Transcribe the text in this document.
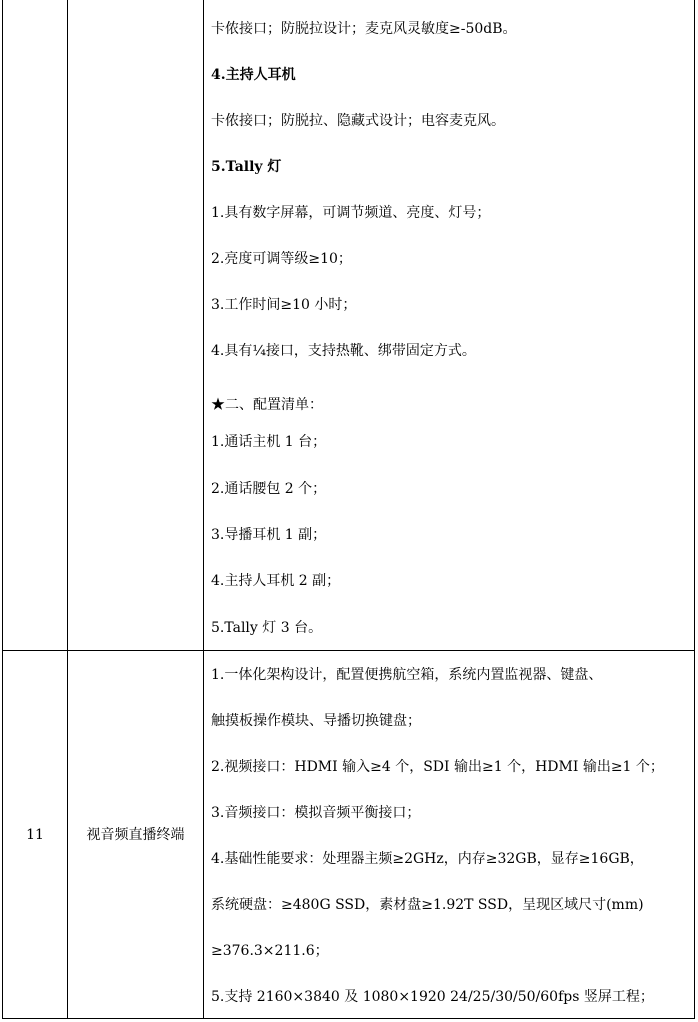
卡侬接口；防脱拉设计；麦克风灵敏度≥-50dB。
4.主持人耳机
卡侬接口；防脱拉、隐藏式设计；电容麦克风。
5.Tally 灯
1.具有数字屏幕，可调节频道、亮度、灯号；
2.亮度可调等级≥10；
3.工作时间≥10 小时；
4.具有¼接口，支持热靴、绑带固定方式。
★二、配置清单：
1.通话主机 1 台；
2.通话腰包 2 个；
3.导播耳机 1 副；
4.主持人耳机 2 副；
5.Tally 灯 3 台。
11	视音频直播终端
1.一体化架构设计，配置便携航空箱，系统内置监视器、键盘、
触摸板操作模块、导播切换键盘；
2.视频接口：HDMI 输入≥4 个，SDI 输出≥1 个，HDMI 输出≥1 个；
3.音频接口：模拟音频平衡接口；
4.基础性能要求：处理器主频≥2GHz，内存≥32GB，显存≥16GB，
系统硬盘：≥480G SSD，素材盘≥1.92T SSD，呈现区域尺寸(mm)
≥376.3×211.6；
5.支持 2160×3840 及 1080×1920 24/25/30/50/60fps 竖屏工程；
